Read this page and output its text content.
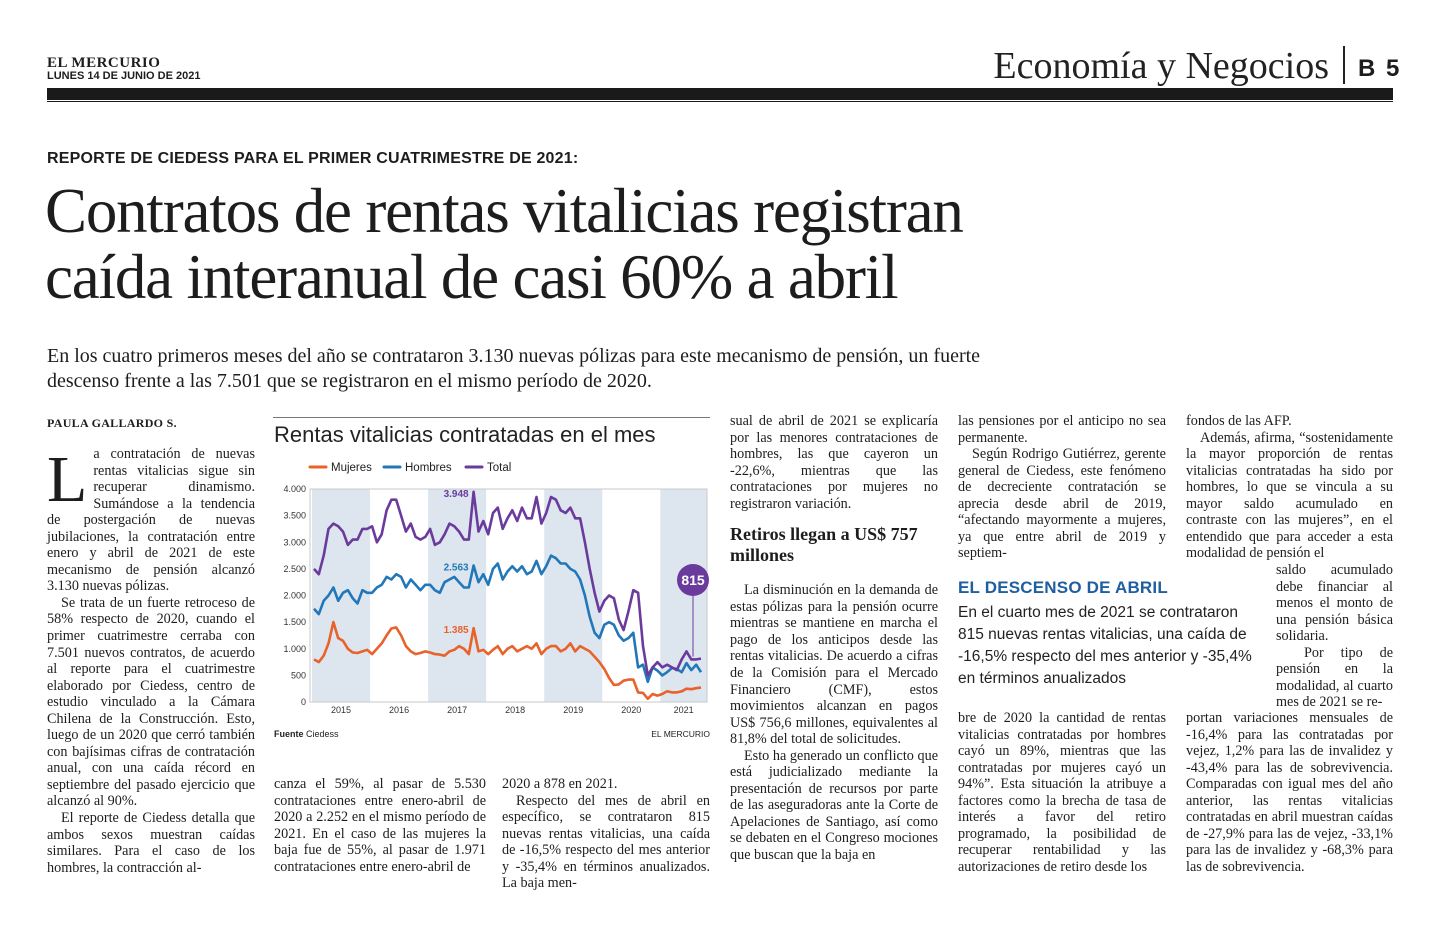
EL MERCURIO
LUNES 14 DE JUNIO DE 2021	Economía y Negocios B 5
REPORTE DE CIEDESS PARA EL PRIMER CUATRIMESTRE DE 2021:
Contratos de rentas vitalicias registran
caída interanual de casi 60% a abril
En los cuatro primeros meses del año se contrataron 3.130 nuevas pólizas para este mecanismo de pensión, un fuerte
descenso frente a las 7.501 que se registraron en el mismo período de 2020.
PAULA GALLARDO S.

La contratación de nuevas rentas vitalicias sigue sin recuperar dinamismo. Sumándose a la tendencia de postergación de nuevas jubilaciones, la contratación entre enero y abril de 2021 de este mecanismo de pensión alcanzó 3.130 nuevas pólizas.

Se trata de un fuerte retroceso de 58% respecto de 2020, cuando el primer cuatrimestre cerraba con 7.501 nuevos contratos, de acuerdo al reporte para el cuatrimestre elaborado por Ciedess, centro de estudio vinculado a la Cámara Chilena de la Construcción. Esto, luego de un 2020 que cerró también con bajísimas cifras de contratación anual, con una caída récord en septiembre del pasado ejercicio que alcanzó al 90%.

El reporte de Ciedess detalla que ambos sexos muestran caídas similares. Para el caso de los hombres, la contracción al-

Rentas vitalicias contratadas en el mes
Mujeres	Hombres	Total
4.000
3.500
3.000
2.500
2.000
1.500
1.000
500
0
2015	2016	2017	2018	2019	2020	2021
3.948
2.563
1.385
815
Fuente Ciedess	EL MERCURIO

canza el 59%, al pasar de 5.530 contrataciones entre enero-abril de 2020 a 2.252 en el mismo período de 2021. En el caso de las mujeres la baja fue de 55%, al pasar de 1.971 contrataciones entre enero-abril de

2020 a 878 en 2021.

Respecto del mes de abril en específico, se contrataron 815 nuevas rentas vitalicias, una caída de -16,5% respecto del mes anterior y -35,4% en términos anualizados. La baja men-

sual de abril de 2021 se explicaría por las menores contrataciones de hombres, las que cayeron un -22,6%, mientras que las contrataciones por mujeres no registraron variación.

Retiros llegan a US$ 757 millones

La disminución en la demanda de estas pólizas para la pensión ocurre mientras se mantiene en marcha el pago de los anticipos desde las rentas vitalicias. De acuerdo a cifras de la Comisión para el Mercado Financiero (CMF), estos movimientos alcanzan en pagos US$ 756,6 millones, equivalentes al 81,8% del total de solicitudes.

Esto ha generado un conflicto que está judicializado mediante la presentación de recursos por parte de las aseguradoras ante la Corte de Apelaciones de Santiago, así como se debaten en el Congreso mociones que buscan que la baja en

las pensiones por el anticipo no sea permanente.

Según Rodrigo Gutiérrez, gerente general de Ciedess, este fenómeno de decreciente contratación se aprecia desde abril de 2019, “afectando mayormente a mujeres, ya que entre abril de 2019 y septiem-

EL DESCENSO DE ABRIL
En el cuarto mes de 2021 se contrataron
815 nuevas rentas vitalicias, una caída de
-16,5% respecto del mes anterior y -35,4%
en términos anualizados

bre de 2020 la cantidad de rentas vitalicias contratadas por hombres cayó un 89%, mientras que las contratadas por mujeres cayó un 94%”. Esta situación la atribuye a factores como la brecha de tasa de interés a favor del retiro programado, la posibilidad de recuperar rentabilidad y las autorizaciones de retiro desde los

fondos de las AFP.

Además, afirma, “sostenidamente la mayor proporción de rentas vitalicias contratadas ha sido por hombres, lo que se vincula a su mayor saldo acumulado en contraste con las mujeres”, en el entendido que para acceder a esta modalidad de pensión el

saldo acumulado debe financiar al menos el monto de una pensión básica solidaria.

Por tipo de pensión en la modalidad, al cuarto mes de 2021 se re-

portan variaciones mensuales de -16,4% para las contratadas por vejez, 1,2% para las de invalidez y -43,4% para las de sobrevivencia. Comparadas con igual mes del año anterior, las rentas vitalicias contratadas en abril muestran caídas de -27,9% para las de vejez, -33,1% para las de invalidez y -68,3% para las de sobrevivencia.
